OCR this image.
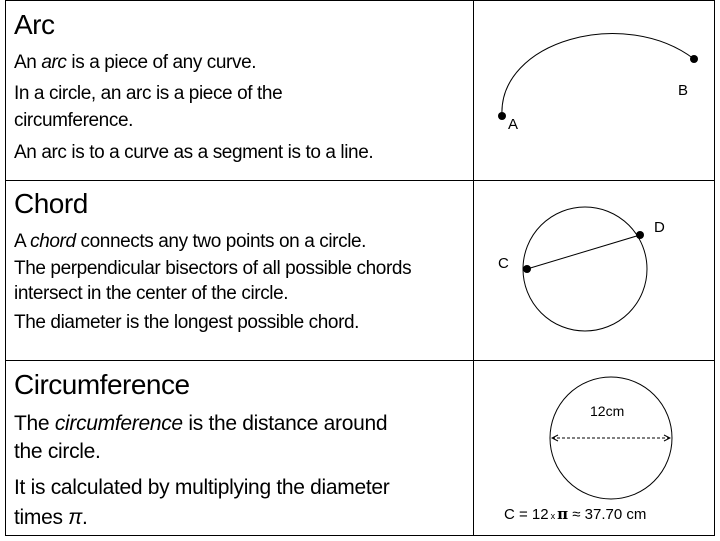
Arc
An arc is a piece of any curve.
In a circle, an arc is a piece of the
circumference.
An arc is to a curve as a segment is to a line.
A
B
Chord
A chord connects any two points on a circle.
The perpendicular bisectors of all possible chords
intersect in the center of the circle.
The diameter is the longest possible chord.
C
D
Circumference
The circumference is the distance around
the circle.
It is calculated by multiplying the diameter
times π.
12cm
C = 12 x π ≈ 37.70 cm
